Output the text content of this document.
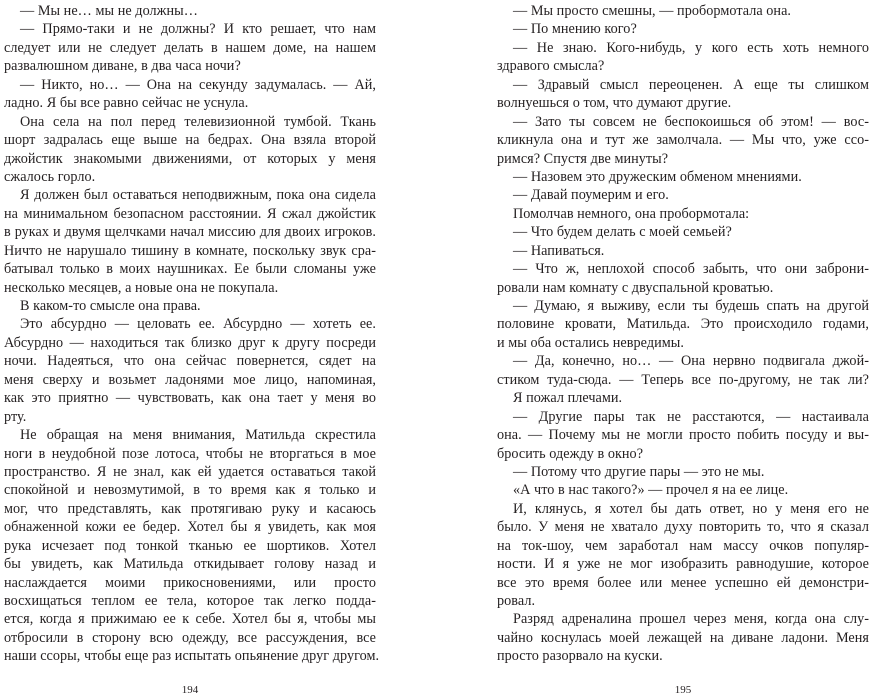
— Мы не… мы не должны…
— Прямо-таки и не должны? И кто решает, что нам
следует или не следует делать в нашем доме, на нашем
развалюшном диване, в два часа ночи?
— Никто, но… — Она на секунду задумалась. — Ай,
ладно. Я бы все равно сейчас не уснула.
Она села на пол перед телевизионной тумбой. Ткань
шорт задралась еще выше на бедрах. Она взяла второй
джойстик знакомыми движениями, от которых у меня
сжалось горло.
Я должен был оставаться неподвижным, пока она сидела
на минимальном безопасном расстоянии. Я сжал джойстик
в руках и двумя щелчками начал миссию для двоих игроков.
Ничто не нарушало тишину в комнате, поскольку звук сра-
батывал только в моих наушниках. Ее были сломаны уже
несколько месяцев, а новые она не покупала.
В каком-то смысле она права.
Это абсурдно — целовать ее. Абсурдно — хотеть ее.
Абсурдно — находиться так близко друг к другу посреди
ночи. Надеяться, что она сейчас повернется, сядет на
меня сверху и возьмет ладонями мое лицо, напоминая,
как это приятно — чувствовать, как она тает у меня во
рту.
Не обращая на меня внимания, Матильда скрестила
ноги в неудобной позе лотоса, чтобы не вторгаться в мое
пространство. Я не знал, как ей удается оставаться такой
спокойной и невозмутимой, в то время как я только и
мог, что представлять, как протягиваю руку и касаюсь
обнаженной кожи ее бедер. Хотел бы я увидеть, как моя
рука исчезает под тонкой тканью ее шортиков. Хотел
бы увидеть, как Матильда откидывает голову назад и
наслаждается моими прикосновениями, или просто
восхищаться теплом ее тела, которое так легко подда-
ется, когда я прижимаю ее к себе. Хотел бы я, чтобы мы
отбросили в сторону всю одежду, все рассуждения, все
наши ссоры, чтобы еще раз испытать опьянение друг другом.
194
— Мы просто смешны, — пробормотала она.
— По мнению кого?
— Не знаю. Кого-нибудь, у кого есть хоть немного
здравого смысла?
— Здравый смысл переоценен. А еще ты слишком
волнуешься о том, что думают другие.
— Зато ты совсем не беспокоишься об этом! — вос-
кликнула она и тут же замолчала. — Мы что, уже ссо-
римся? Спустя две минуты?
— Назовем это дружеским обменом мнениями.
— Давай поумерим и его.
Помолчав немного, она пробормотала:
— Что будем делать с моей семьей?
— Напиваться.
— Что ж, неплохой способ забыть, что они заброни-
ровали нам комнату с двуспальной кроватью.
— Думаю, я выживу, если ты будешь спать на другой
половине кровати, Матильда. Это происходило годами,
и мы оба остались невредимы.
— Да, конечно, но… — Она нервно подвигала джой-
стиком туда-сюда. — Теперь все по-другому, не так ли?
Я пожал плечами.
— Другие пары так не расстаются, — настаивала
она. — Почему мы не могли просто побить посуду и вы-
бросить одежду в окно?
— Потому что другие пары — это не мы.
«А что в нас такого?» — прочел я на ее лице.
И, клянусь, я хотел бы дать ответ, но у меня его не
было. У меня не хватало духу повторить то, что я сказал
на ток-шоу, чем заработал нам массу очков популяр-
ности. И я уже не мог изобразить равнодушие, которое
все это время более или менее успешно ей демонстри-
ровал.
Разряд адреналина прошел через меня, когда она слу-
чайно коснулась моей лежащей на диване ладони. Меня
просто разорвало на куски.
195
